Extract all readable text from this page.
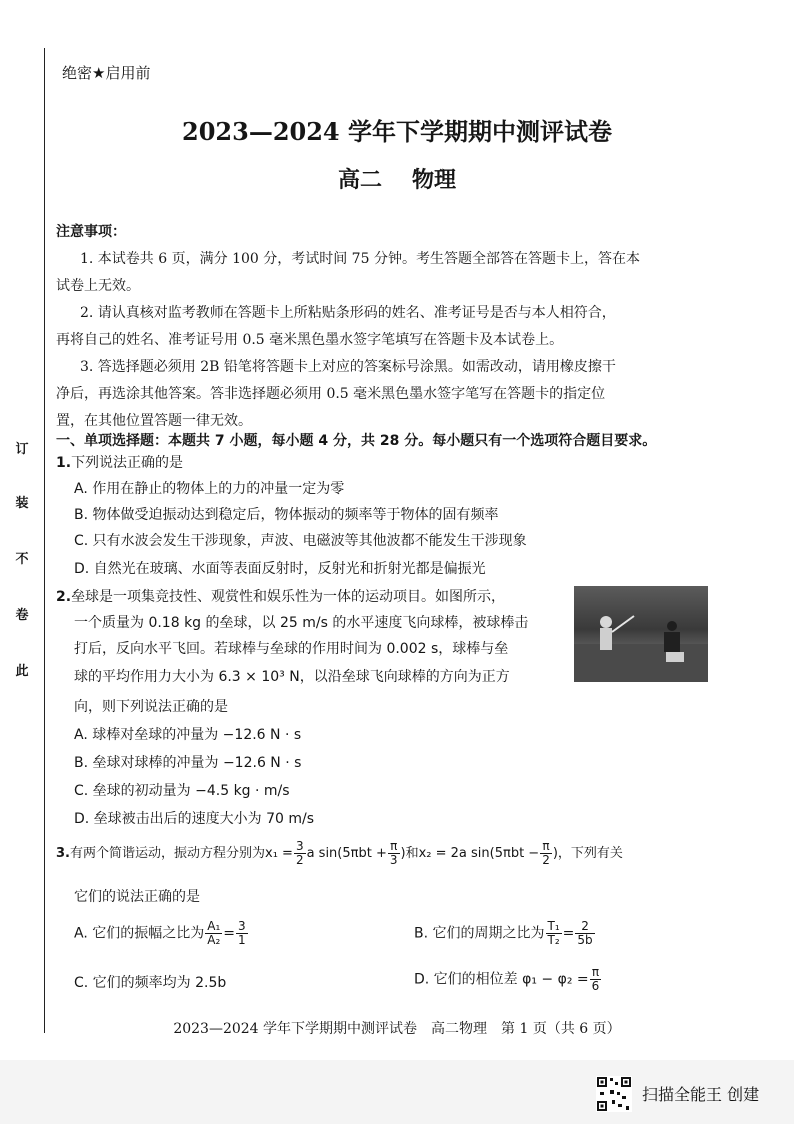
订
装
不
卷
此
绝密★启用前
2023—2024 学年下学期期中测评试卷
高二 物理
注意事项：
1. 本试卷共 6 页，满分 100 分，考试时间 75 分钟。考生答题全部答在答题卡上，答在本
试卷上无效。
2. 请认真核对监考教师在答题卡上所粘贴条形码的姓名、准考证号是否与本人相符合，
再将自己的姓名、准考证号用 0.5 毫米黑色墨水签字笔填写在答题卡及本试卷上。
3. 答选择题必须用 2B 铅笔将答题卡上对应的答案标号涂黑。如需改动，请用橡皮擦干
净后，再选涂其他答案。答非选择题必须用 0.5 毫米黑色墨水签字笔写在答题卡的指定位
置，在其他位置答题一律无效。
一、单项选择题：本题共 7 小题，每小题 4 分，共 28 分。每小题只有一个选项符合题目要求。
1.下列说法正确的是
A. 作用在静止的物体上的力的冲量一定为零
B. 物体做受迫振动达到稳定后，物体振动的频率等于物体的固有频率
C. 只有水波会发生干涉现象，声波、电磁波等其他波都不能发生干涉现象
D. 自然光在玻璃、水面等表面反射时，反射光和折射光都是偏振光
2.垒球是一项集竞技性、观赏性和娱乐性为一体的运动项目。如图所示，
一个质量为 0.18 kg 的垒球，以 25 m/s 的水平速度飞向球棒，被球棒击
打后，反向水平飞回。若球棒与垒球的作用时间为 0.002 s，球棒与垒
球的平均作用力大小为 6.3 × 10³ N，以沿垒球飞向球棒的方向为正方
向，则下列说法正确的是
A. 球棒对垒球的冲量为 −12.6 N · s
B. 垒球对球棒的冲量为 −12.6 N · s
C. 垒球的初动量为 −4.5 kg · m/s
D. 垒球被击出后的速度大小为 70 m/s
3.有两个简谐运动，振动方程分别为$x_1 = \frac{3}{2}$ a $\sin(5\pi bt + \frac{\pi}{3}$ )和x₂ = 2a $\sin(5\pi bt - \frac{\pi}{2}$ )，下列有关
它们的说法正确的是
A. 它们的振幅之比为 $\frac{\text{A₁}}{\text{A₂}} = \frac{3}{1}$	B. 它们的周期之比为 $\frac{\text{T₁}}{\text{T₂}} = \frac{2}{5b}$
C. 它们的频率均为 2.5b	D. 它们的相位差 $\varphi_1 - \varphi_2 = \frac{\pi}{6}$
2023—2024 学年下学期期中测评试卷　高二物理　第 1 页（共 6 页）
扫描全能王 创建
